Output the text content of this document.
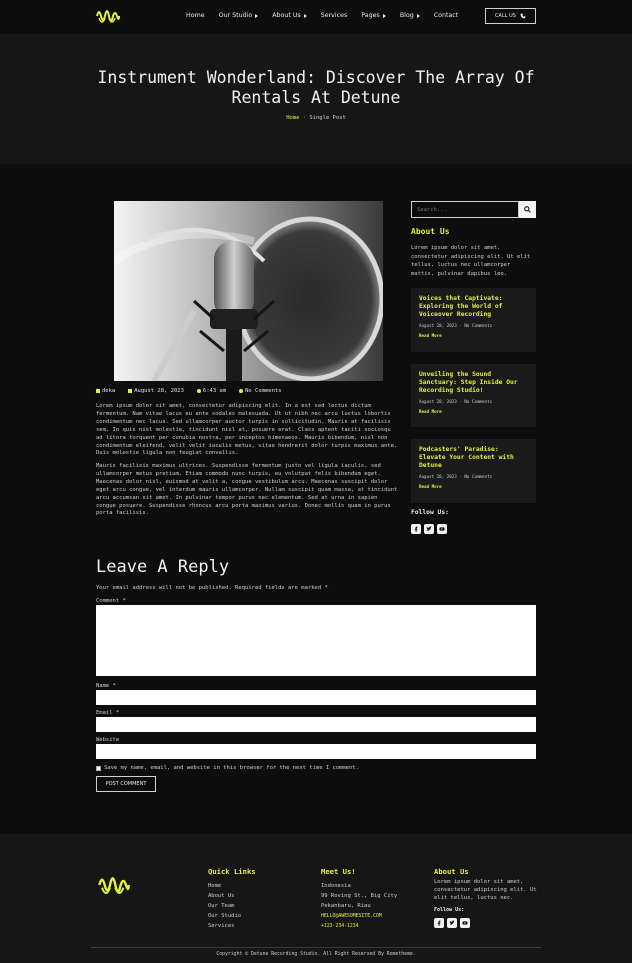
Home Our Studio	About Us	Services Pages	Blog	Contact	CALL US
Instrument Wonderland: Discover The Array Of Rentals At Detune
Home · Single Post
deka	August 28, 2023	6:43 am	No Comments

Lorem ipsum dolor sit amet, consectetur adipiscing elit. In a est sed lectus dictum fermentum. Nam vitae lacus eu ante sodales malesuada. Ut ut nibh nec arcu luctus lobortis condimentum nec lacus. Sed ullamcorper auctor turpis in sollicitudin. Mauris at facilisis sem. In quis nisl molestie, tincidunt nisl at, posuere erat. Class aptent taciti sociosqu ad litora torquent per conubia nostra, per inceptos himenaeos. Mauris bibendum, nisl non condimentum eleifend, velit velit iaculis metus, vitae hendrerit dolor turpis maximus ante. Duis molestie ligula non feugiat convallis.

Mauris facilisis maximus ultrices. Suspendisse fermentum justo vel ligula iaculis, sed ullamcorper metus pretium. Etiam commodo nunc turpis, eu volutpat felis bibendum eget. Maecenas dolor nisl, euismod at velit a, congue vestibulum arcu. Maecenas suscipit dolor eget arcu congue, vel interdum mauris ullamcorper. Nullam suscipit quam massa, at tincidunt arcu accumsan sit amet. In pulvinar tempor purus nec elementum. Sed at urna in sapien congue posuere. Suspendisse rhoncus arcu porta maximus varius. Donec mollis quam in purus porta facilisis.

Search...
About Us

Lorem ipsum dolor sit amet, consectetur adipiscing elit. Ut elit tellus, luctus nec ullamcorper mattis, pulvinar dapibus leo.

Voices that Captivate: Exploring the World of Voiceover Recording
August 28, 2023 · No Comments
Read More
Unveiling the Sound Sanctuary: Step Inside Our Recording Studio!
August 28, 2023 · No Comments
Read More
Podcasters' Paradise: Elevate Your Content with Detune
August 28, 2023 · No Comments
Read More
Follow Us:
Leave A Reply

Your email address will not be published. Required fields are marked *

Comment *
Name *
Email *
Website
Save my name, email, and website in this browser for the next time I comment.
POST COMMENT
Quick Links
Home
About Us
Our Team
Our Studio
Services
Meet Us!
Indonesia
99 Roving St., Big City
Pekanbaru, Riau
HELLO@AWESOMESITE.COM
+123-234-1234
About Us

Lorem ipsum dolor sit amet, consectetur adipiscing elit. Ut elit tellus, luctus nec.

Follow Us:
Copyright © Detune Recording Studio. All Right Reserved By Rometheme.
